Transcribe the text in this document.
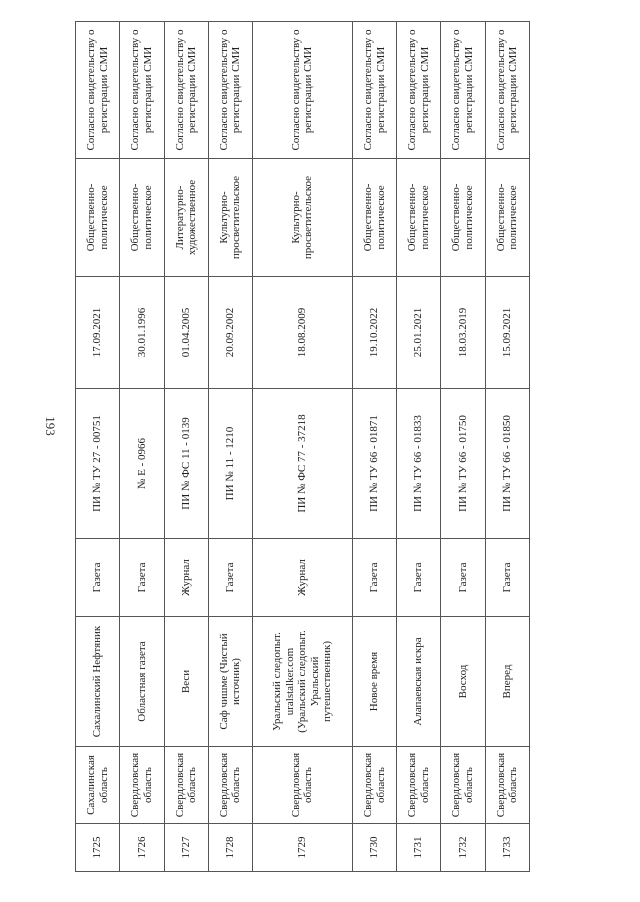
193
1725	Сахалинская область	Сахалинский Нефтяник	Газета	ПИ № ТУ 27 - 00751	17.09.2021	Общественно-политическое	Согласно свидетельству о регистрации СМИ
1726	Свердловская область	Областная газета	Газета	№ Е - 0966	30.01.1996	Общественно-политическое	Согласно свидетельству о регистрации СМИ
1727	Свердловская область	Веси	Журнал	ПИ № ФС 11 - 0139	01.04.2005	Литературно-художественное	Согласно свидетельству о регистрации СМИ
1728	Свердловская область	Саф чишме (Чистый источник)	Газета	ПИ № 11 - 1210	20.09.2002	Культурно-просветительское	Согласно свидетельству о регистрации СМИ
1729	Свердловская область	Уральский следопыт. uralstalker.com (Уральский следопыт. Уральский путешественник)	Журнал	ПИ № ФС 77 - 37218	18.08.2009	Культурно-просветительское	Согласно свидетельству о регистрации СМИ
1730	Свердловская область	Новое время	Газета	ПИ № ТУ 66 - 01871	19.10.2022	Общественно-политическое	Согласно свидетельству о регистрации СМИ
1731	Свердловская область	Алапаевская искра	Газета	ПИ № ТУ 66 - 01833	25.01.2021	Общественно-политическое	Согласно свидетельству о регистрации СМИ
1732	Свердловская область	Восход	Газета	ПИ № ТУ 66 - 01750	18.03.2019	Общественно-политическое	Согласно свидетельству о регистрации СМИ
1733	Свердловская область	Вперед	Газета	ПИ № ТУ 66 - 01850	15.09.2021	Общественно-политическое	Согласно свидетельству о регистрации СМИ
